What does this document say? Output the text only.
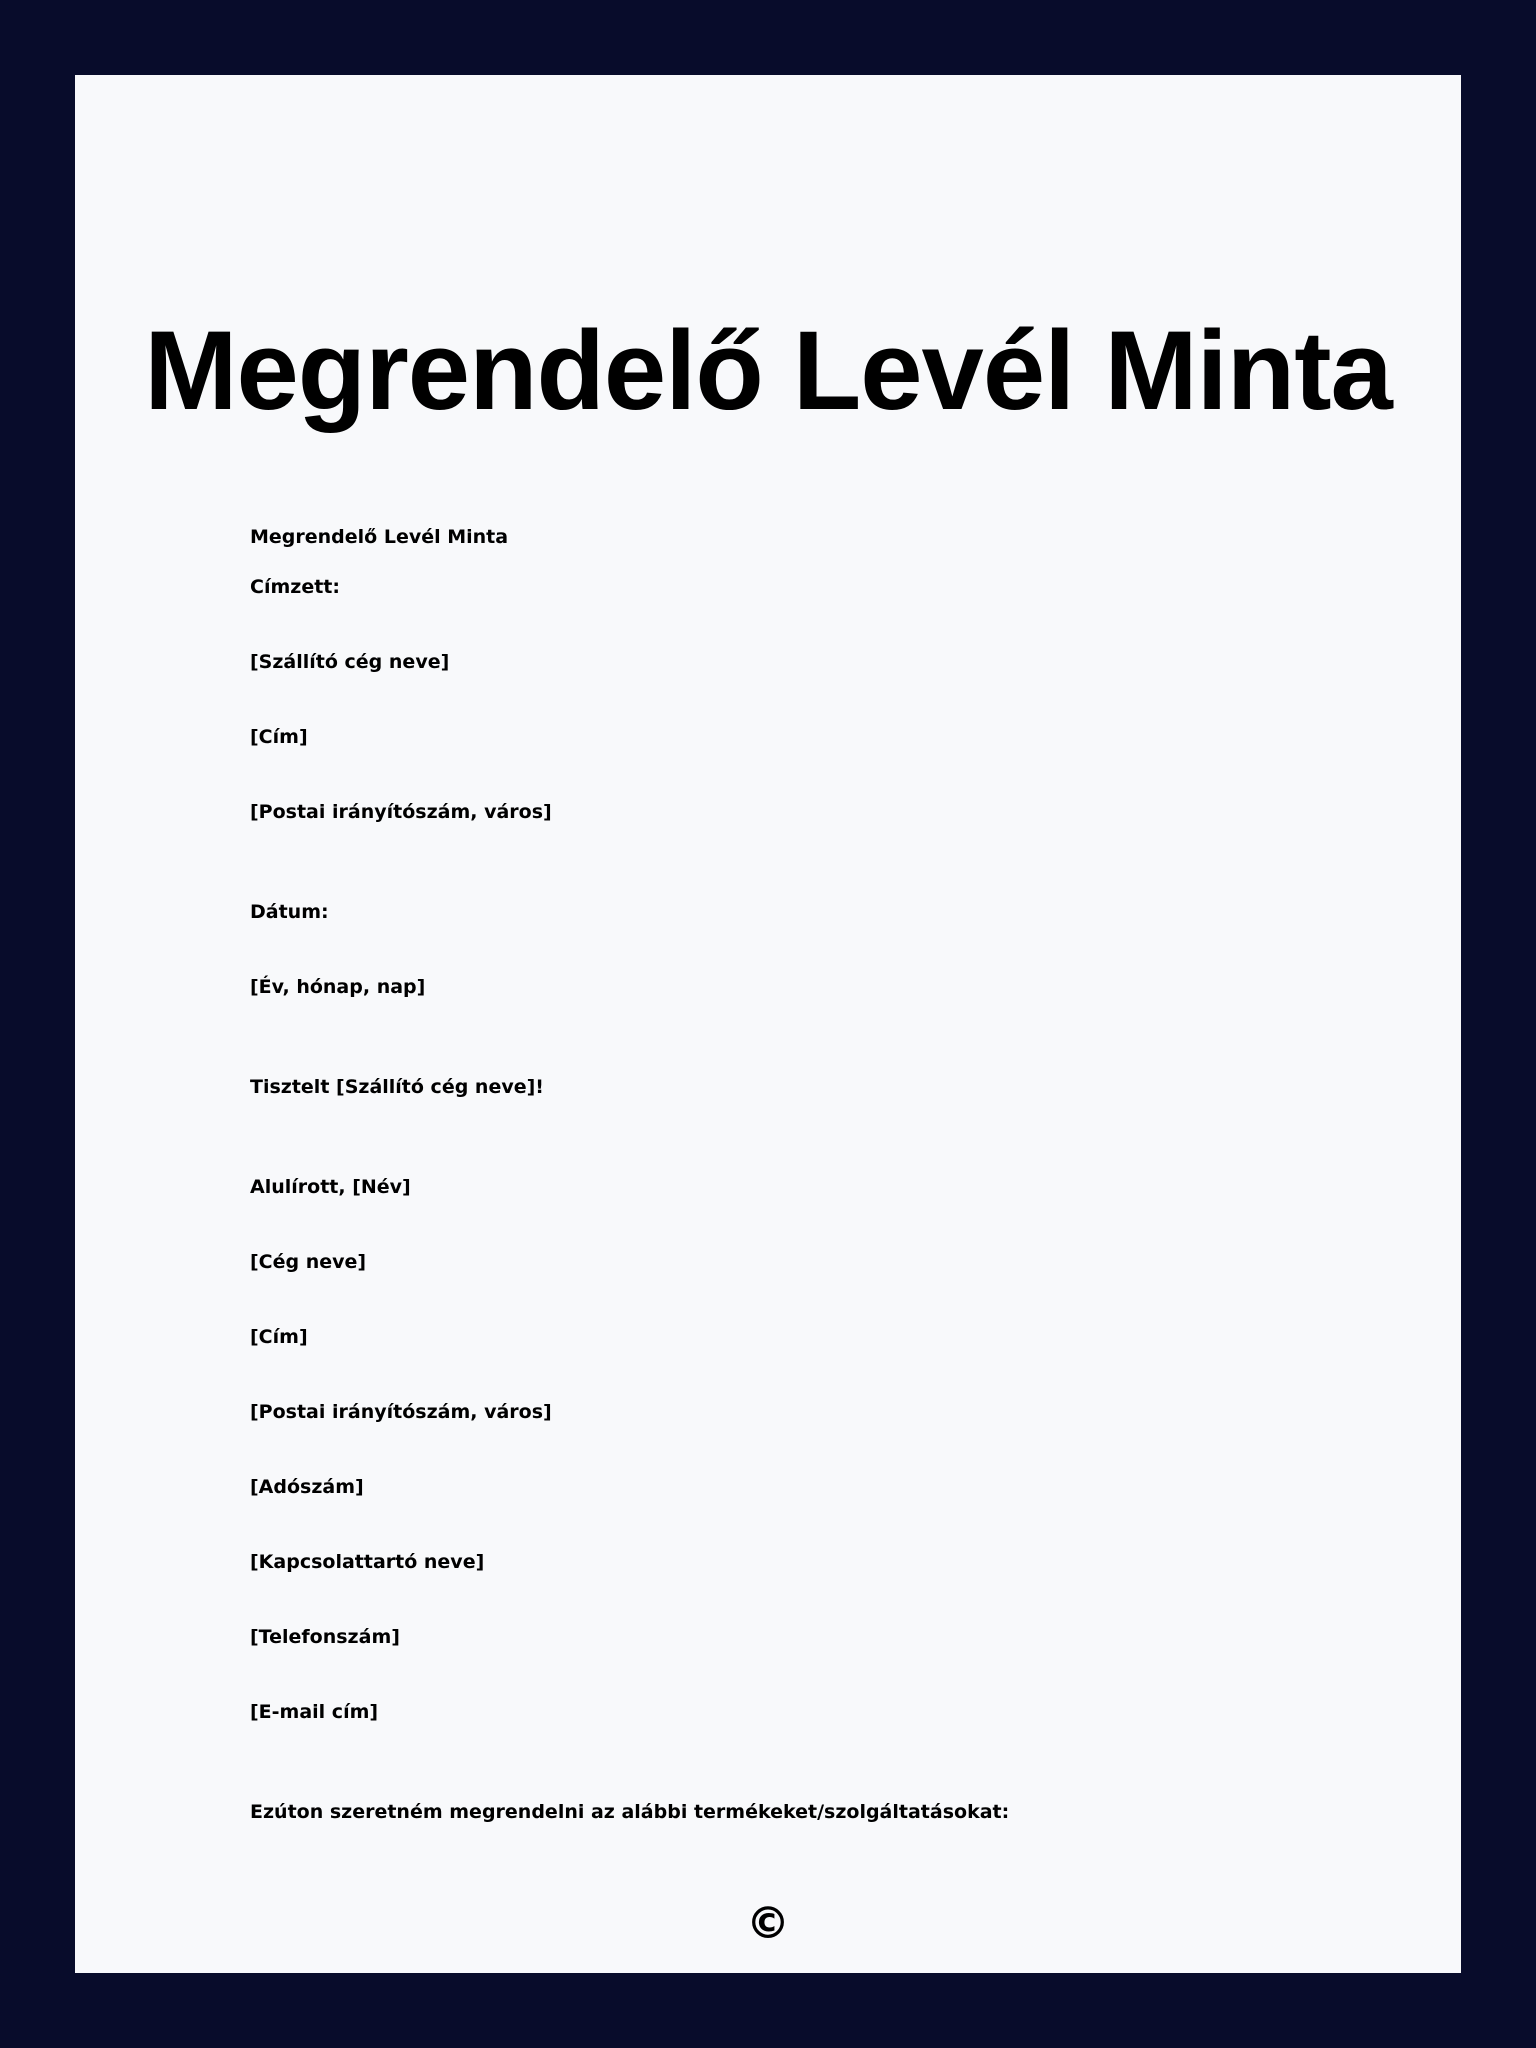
Megrendelő Levél Minta

Megrendelő Levél Minta

Címzett:

[Szállító cég neve]

[Cím]

[Postai irányítószám, város]

Dátum:

[Év, hónap, nap]

Tisztelt [Szállító cég neve]!

Alulírott, [Név]

[Cég neve]

[Cím]

[Postai irányítószám, város]

[Adószám]

[Kapcsolattartó neve]

[Telefonszám]

[E-mail cím]

Ezúton szeretném megrendelni az alábbi termékeket/szolgáltatásokat:

©
